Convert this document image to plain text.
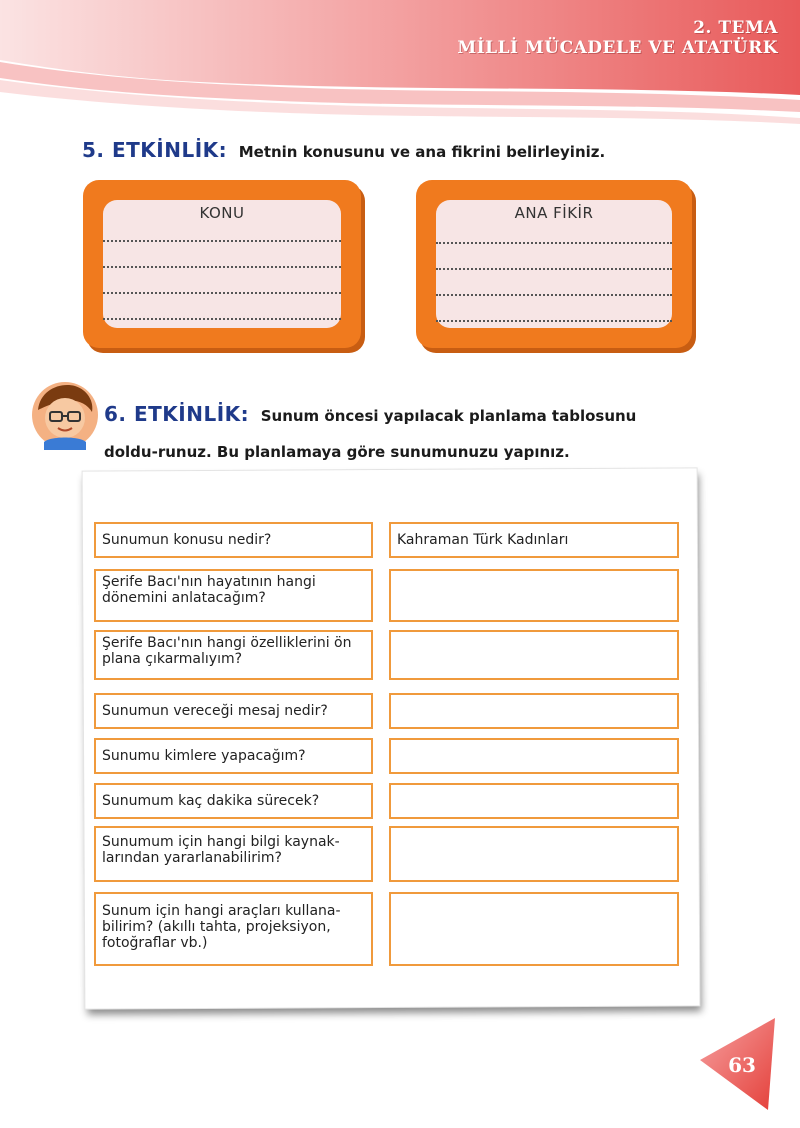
2. TEMA
MİLLİ MÜCADELE VE ATATÜRK
5. ETKİNLİK: Metnin konusunu ve ana fikrini belirleyiniz.
KONU	ANA FİKİR
6. ETKİNLİK: Sunum öncesi yapılacak planlama tablosunu doldu-runuz. Bu planlamaya göre sunumunuzu yapınız.
Sunumun konusu nedir?	Kahraman Türk Kadınları
Şerife Bacı'nın hayatının hangi dönemini anlatacağım?
Şerife Bacı'nın hangi özelliklerini ön plana çıkarmalıyım?
Sunumun vereceği mesaj nedir?
Sunumu kimlere yapacağım?
Sunumum kaç dakika sürecek?
Sunumum için hangi bilgi kaynak-larından yararlanabilirim?
Sunum için hangi araçları kullana-bilirim? (akıllı tahta, projeksiyon, fotoğraflar vb.)
63
